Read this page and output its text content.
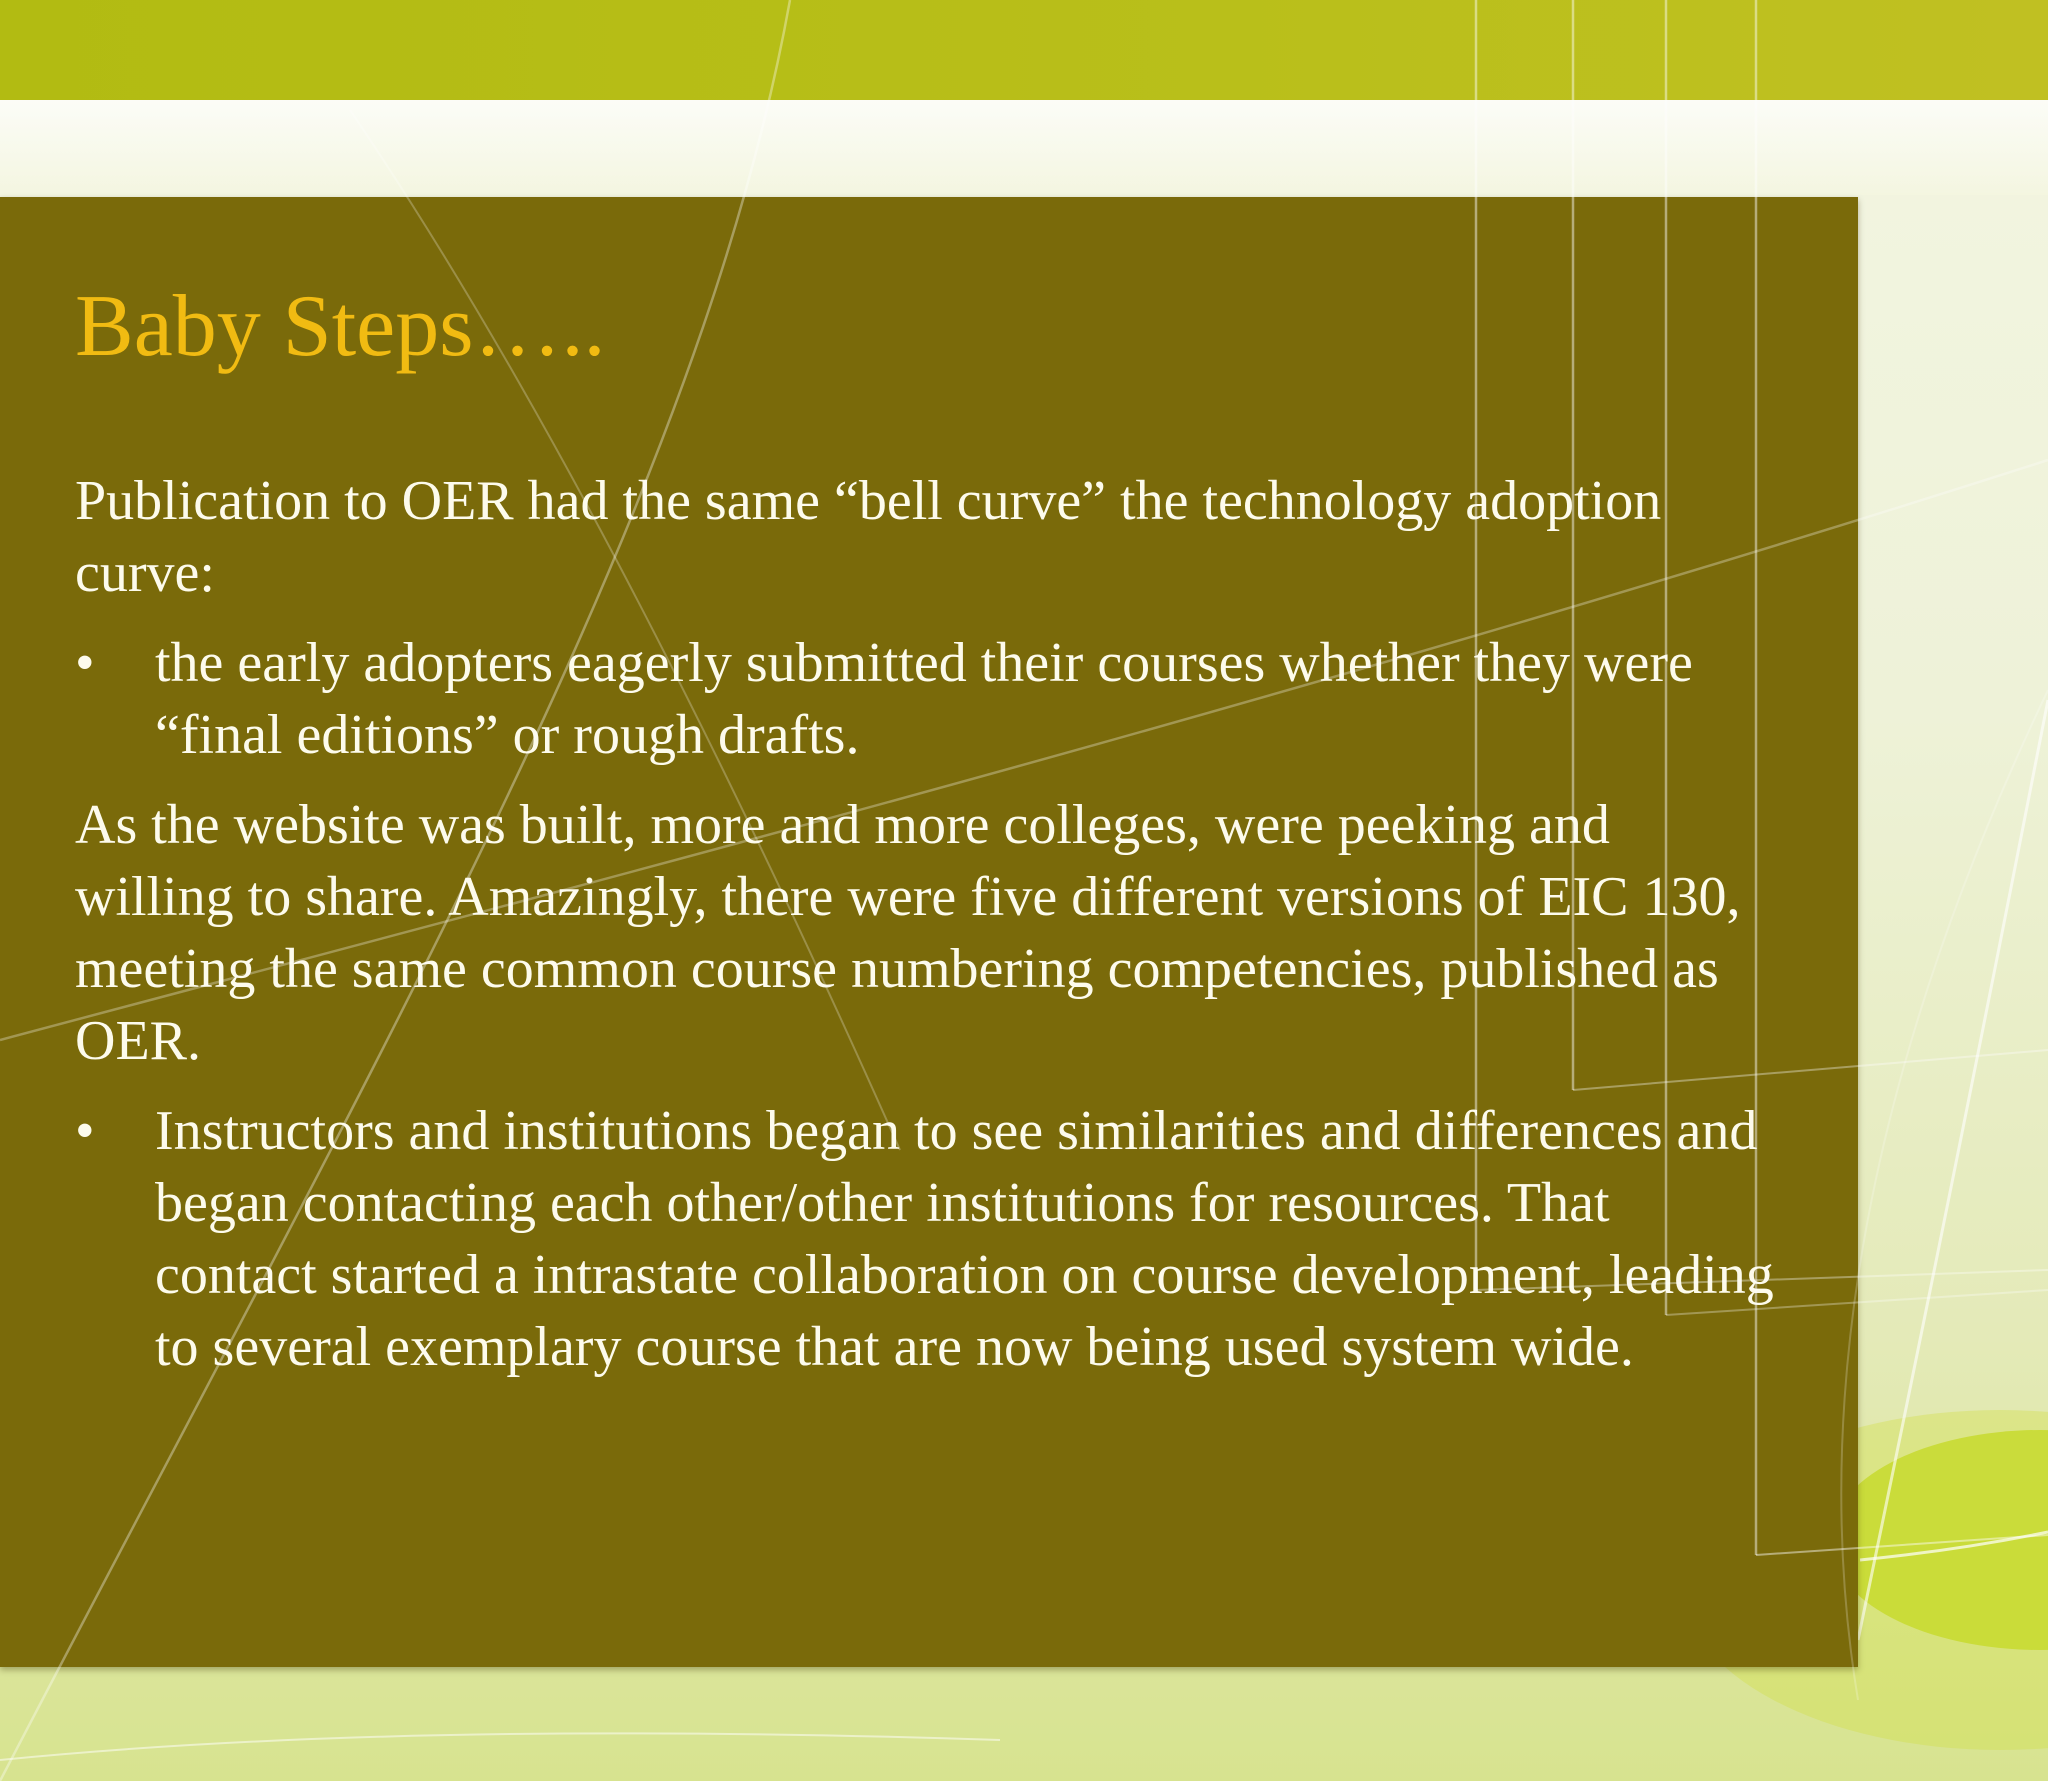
Baby Steps…..

Publication to OER had the same “bell curve” the technology adoption curve:

• the early adopters eagerly submitted their courses whether they were “final editions” or rough drafts.

As the website was built, more and more colleges, were peeking and willing to share. Amazingly, there were five different versions of EIC 130, meeting the same common course numbering competencies, published as OER.

• Instructors and institutions began to see similarities and differences and began contacting each other/other institutions for resources. That contact started a intrastate collaboration on course development, leading to several exemplary course that are now being used system wide.
